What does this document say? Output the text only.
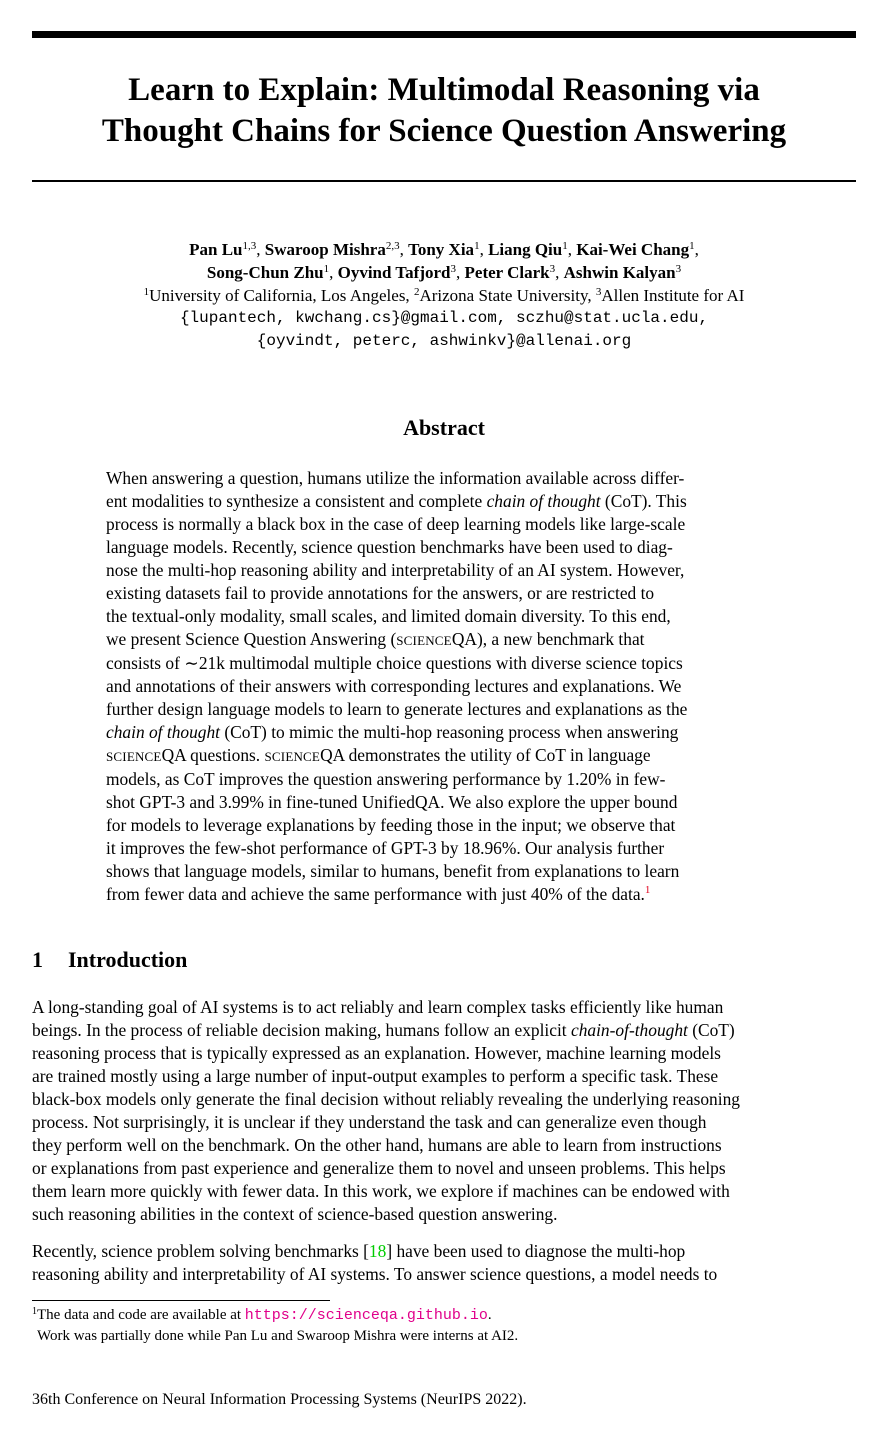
Learn to Explain: Multimodal Reasoning via
Thought Chains for Science Question Answering
Pan Lu$^{1,3}$, Swaroop Mishra$^{2,3}$, Tony Xia$^1$, Liang Qiu$^1$, Kai-Wei Chang$^1$,
Song-Chun Zhu$^1$, Oyvind Tafjord$^3$, Peter Clark$^3$, Ashwin Kalyan$^3$
$^1$University of California, Los Angeles, $^2$Arizona State University, $^3$Allen Institute for AI
{lupantech, kwchang.cs}@gmail.com, sczhu@stat.ucla.edu,
{oyvindt, peterc, ashwinkv}@allenai.org
Abstract
When answering a question, humans utilize the information available across differ-
ent modalities to synthesize a consistent and complete chain of thought (CoT). This
process is normally a black box in the case of deep learning models like large-scale
language models. Recently, science question benchmarks have been used to diag-
nose the multi-hop reasoning ability and interpretability of an AI system. However,
existing datasets fail to provide annotations for the answers, or are restricted to
the textual-only modality, small scales, and limited domain diversity. To this end,
we present Science Question Answering (SCIENCEQA), a new benchmark that
consists of ∼21k multimodal multiple choice questions with diverse science topics
and annotations of their answers with corresponding lectures and explanations. We
further design language models to learn to generate lectures and explanations as the
chain of thought (CoT) to mimic the multi-hop reasoning process when answering
SCIENCEQA questions. SCIENCEQA demonstrates the utility of CoT in language
models, as CoT improves the question answering performance by 1.20% in few-
shot GPT-3 and 3.99% in fine-tuned UnifiedQA. We also explore the upper bound
for models to leverage explanations by feeding those in the input; we observe that
it improves the few-shot performance of GPT-3 by 18.96%. Our analysis further
shows that language models, similar to humans, benefit from explanations to learn
from fewer data and achieve the same performance with just 40% of the data.$^1$
1 Introduction
A long-standing goal of AI systems is to act reliably and learn complex tasks efficiently like human
beings. In the process of reliable decision making, humans follow an explicit chain-of-thought (CoT)
reasoning process that is typically expressed as an explanation. However, machine learning models
are trained mostly using a large number of input-output examples to perform a specific task. These
black-box models only generate the final decision without reliably revealing the underlying reasoning
process. Not surprisingly, it is unclear if they understand the task and can generalize even though
they perform well on the benchmark. On the other hand, humans are able to learn from instructions
or explanations from past experience and generalize them to novel and unseen problems. This helps
them learn more quickly with fewer data. In this work, we explore if machines can be endowed with
such reasoning abilities in the context of science-based question answering.
Recently, science problem solving benchmarks [18] have been used to diagnose the multi-hop
reasoning ability and interpretability of AI systems. To answer science questions, a model needs to
$^1$The data and code are available at https://scienceqa.github.io.
Work was partially done while Pan Lu and Swaroop Mishra were interns at AI2.
36th Conference on Neural Information Processing Systems (NeurIPS 2022).
